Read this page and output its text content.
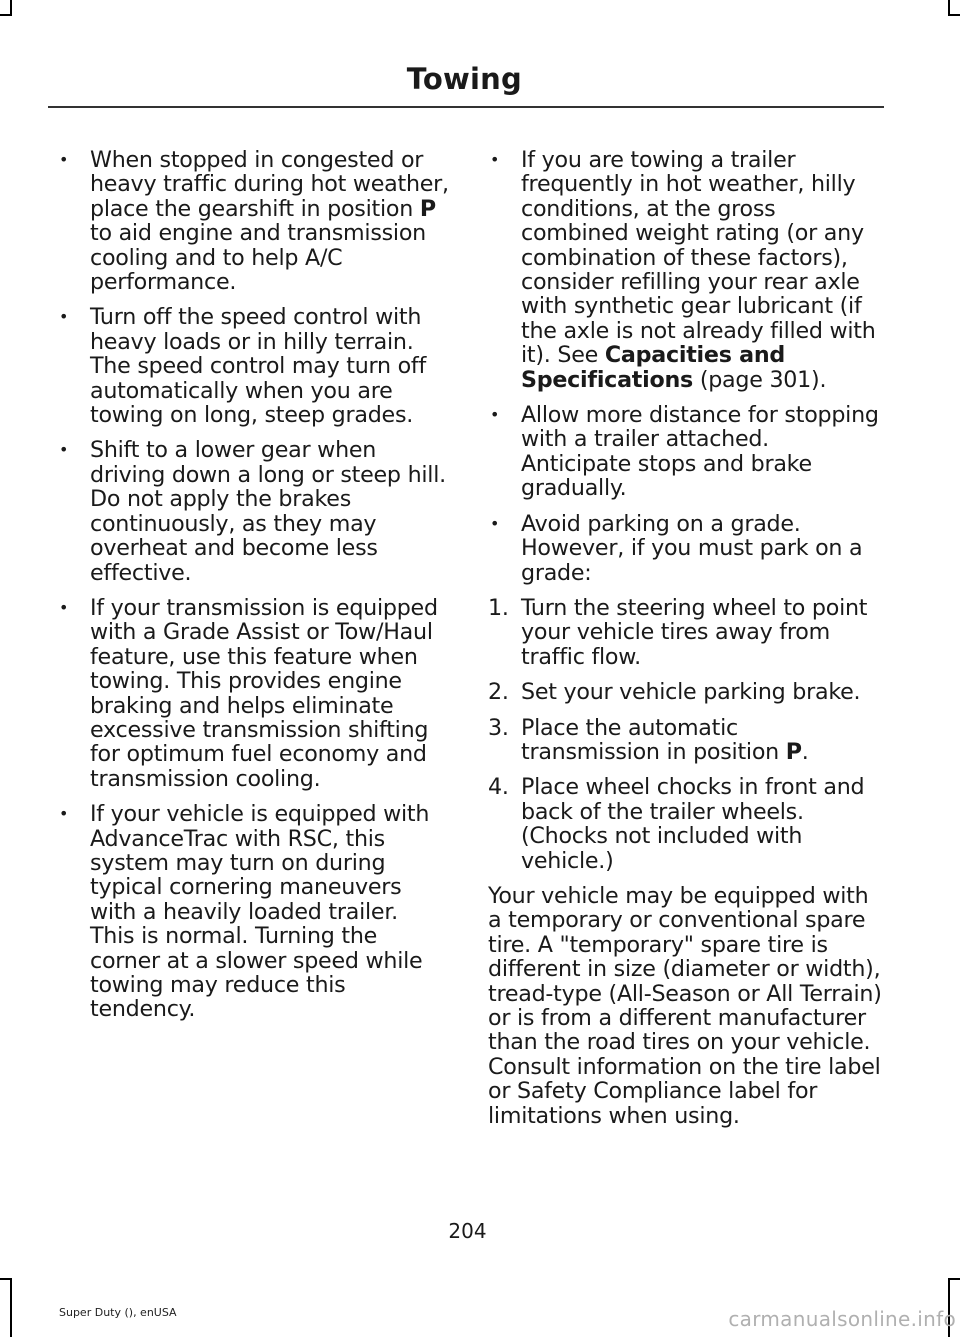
Towing
• When stopped in congested or heavy traffic during hot weather, place the gearshift in position P to aid engine and transmission cooling and to help A/C performance.
• Turn off the speed control with heavy loads or in hilly terrain. The speed control may turn off automatically when you are towing on long, steep grades.
• Shift to a lower gear when driving down a long or steep hill. Do not apply the brakes continuously, as they may overheat and become less effective.
• If your transmission is equipped with a Grade Assist or Tow/Haul feature, use this feature when towing. This provides engine braking and helps eliminate excessive transmission shifting for optimum fuel economy and transmission cooling.
• If your vehicle is equipped with AdvanceTrac with RSC, this system may turn on during typical cornering maneuvers with a heavily loaded trailer. This is normal. Turning the corner at a slower speed while towing may reduce this tendency.
• If you are towing a trailer frequently in hot weather, hilly conditions, at the gross combined weight rating (or any combination of these factors), consider refilling your rear axle with synthetic gear lubricant (if the axle is not already filled with it). See Capacities and Specifications (page 301).
• Allow more distance for stopping with a trailer attached. Anticipate stops and brake gradually.
• Avoid parking on a grade. However, if you must park on a grade:
1. Turn the steering wheel to point your vehicle tires away from traffic flow.
2. Set your vehicle parking brake.
3. Place the automatic transmission in position P.
4. Place wheel chocks in front and back of the trailer wheels. (Chocks not included with vehicle.)

Your vehicle may be equipped with a temporary or conventional spare tire. A "temporary" spare tire is different in size (diameter or width), tread-type (All-Season or All Terrain) or is from a different manufacturer than the road tires on your vehicle. Consult information on the tire label or Safety Compliance label for limitations when using.

204
Super Duty (), enUSA	carmanualsonline.info
